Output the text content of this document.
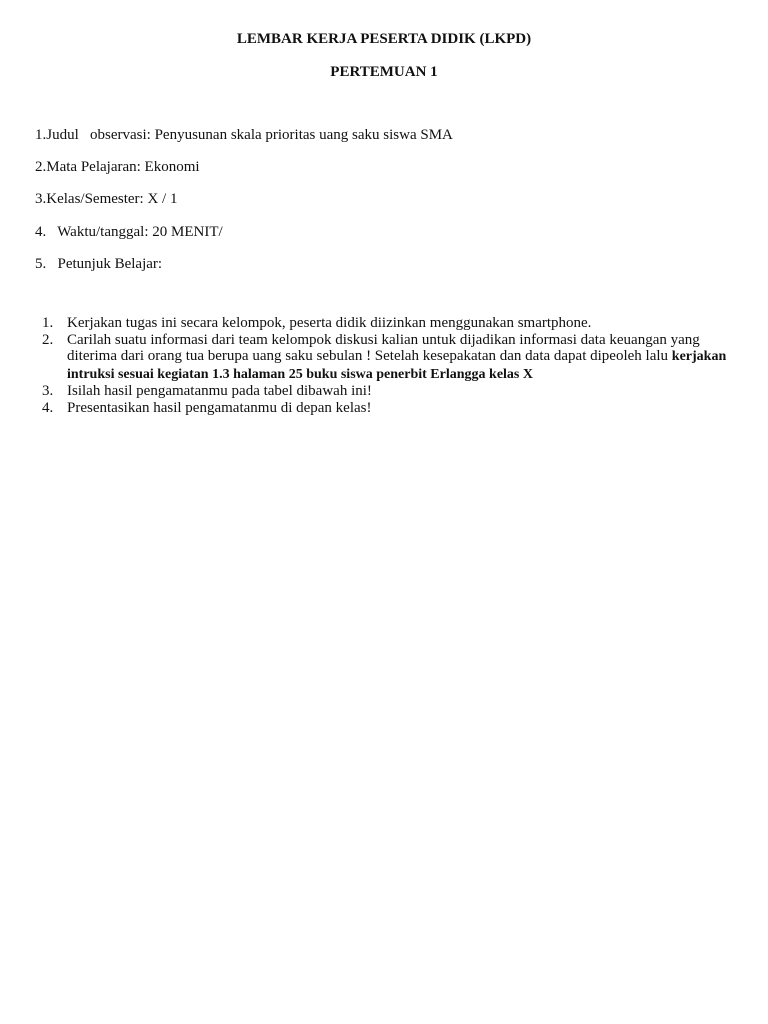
LEMBAR KERJA PESERTA DIDIK (LKPD)

PERTEMUAN 1

1.Judul   observasi: Penyusunan skala prioritas uang saku siswa SMA

2.Mata Pelajaran: Ekonomi

3.Kelas/Semester: X / 1

4.   Waktu/tanggal: 20 MENIT/

5.   Petunjuk Belajar:

1. Kerjakan tugas ini secara kelompok, peserta didik diizinkan menggunakan smartphone.
2. Carilah suatu informasi dari team kelompok diskusi kalian untuk dijadikan informasi data keuangan yang diterima dari orang tua berupa uang saku sebulan ! Setelah kesepakatan dan data dapat dipeoleh lalu kerjakan intruksi sesuai kegiatan 1.3 halaman 25 buku siswa penerbit Erlangga kelas X
3. Isilah hasil pengamatanmu pada tabel dibawah ini!
4. Presentasikan hasil pengamatanmu di depan kelas!
